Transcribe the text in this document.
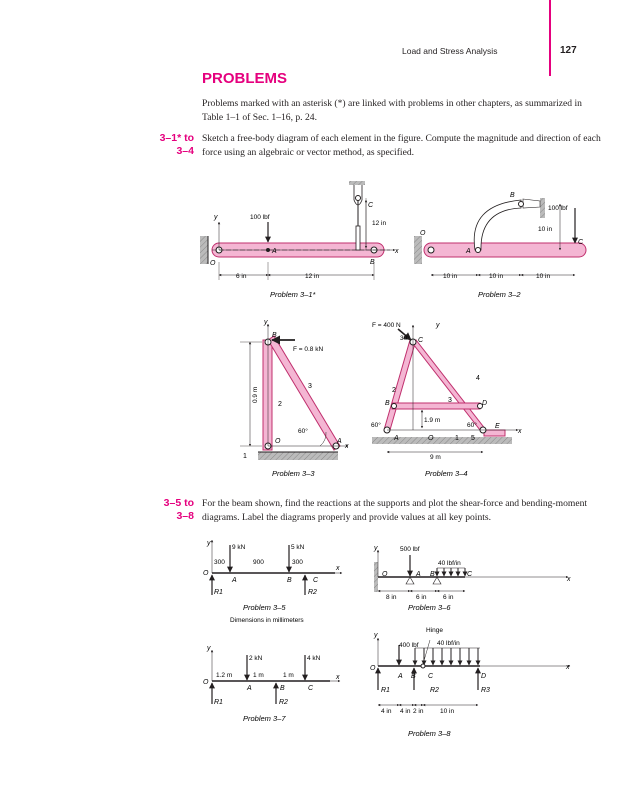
Load and Stress Analysis	127
PROBLEMS
Problems marked with an asterisk (*) are linked with problems in other chapters, as summarized in Table 1–1 of Sec. 1–16, p. 24.
3–1* to
3–4
Sketch a free-body diagram of each element in the figure. Compute the magnitude and direction of each force using an algebraic or vector method, as specified.
3–5 to
3–8
For the beam shown, find the reactions at the supports and plot the shear-force and bending-moment diagrams. Label the diagrams properly and provide values at all key points.
100 lbf
y
x
O
A
B
C
12 in
6 in	12 in
Problem 3–1*
100 lbf
O
A
B
C
10 in
10 in	10 in	10 in
Problem 3–2
y
B
F = 0.8 kN
0.9 m
2
3
60°
O	A
x
1
Problem 3–3
F = 400 N	y
30° C
4
2
3
B	D
1.9 m
60°	60°	E
x
A	O	1 5
9 m
Problem 3–4
y
9 kN	5 kN
300	900	300
O
A	B	C
x
R1	R2
Problem 3–5
Dimensions in millimeters
y	500 lbf
40 lbf/in
O	A B	C
x
8 in	6 in	6 in
Problem 3–6
y
2 kN	4 kN
1.2 m	1 m	1 m
O
A	B	C
x
R1	R2
Problem 3–7
y
Hinge
400 lbf	40 lbf/in
O
A B C	D
x
R1	R2	R3
4 in 4 in 2 in	10 in
Problem 3–8
